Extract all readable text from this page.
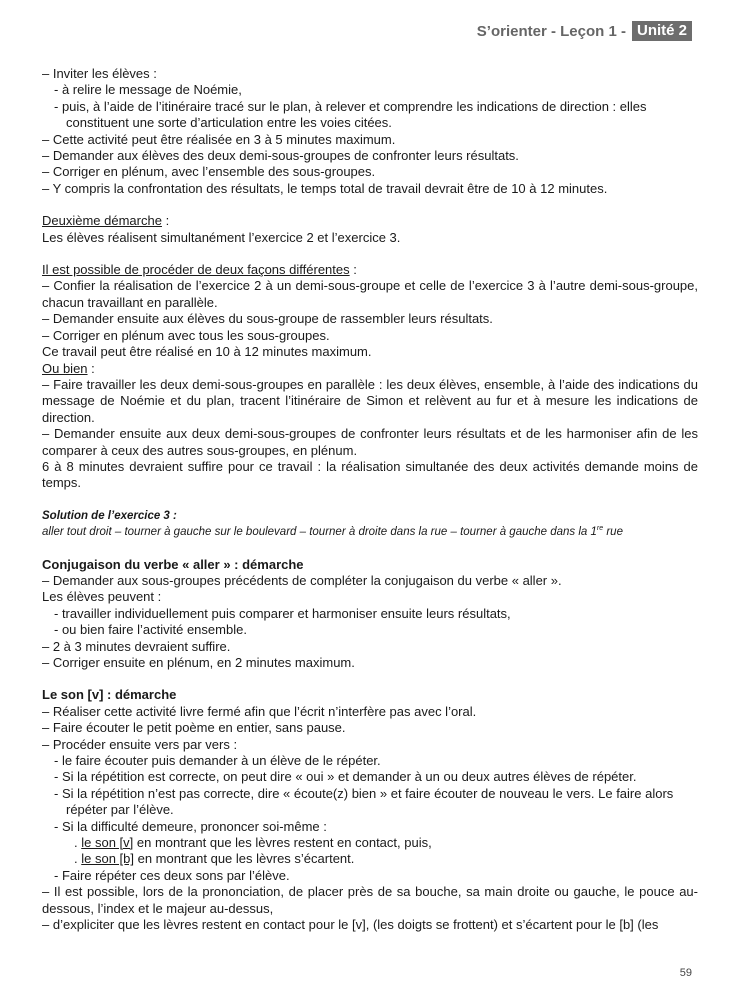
S’orienter - Leçon 1 - Unité 2

– Inviter les élèves :

- à relire le message de Noémie,

- puis, à l’aide de l’itinéraire tracé sur le plan, à relever et comprendre les indications de direction : elles

constituent une sorte d’articulation entre les voies citées.

– Cette activité peut être réalisée en 3 à 5 minutes maximum.

– Demander aux élèves des deux demi-sous-groupes de confronter leurs résultats.

– Corriger en plénum, avec l’ensemble des sous-groupes.

– Y compris la confrontation des résultats, le temps total de travail devrait être de 10 à 12 minutes.

Deuxième démarche :

Les élèves réalisent simultanément l’exercice 2 et l’exercice 3.

Il est possible de procéder de deux façons différentes :

– Confier la réalisation de l’exercice 2 à un demi-sous-groupe et celle de l’exercice 3 à l’autre demi-sous-groupe, chacun travaillant en parallèle.

– Demander ensuite aux élèves du sous-groupe de rassembler leurs résultats.

– Corriger en plénum avec tous les sous-groupes.

Ce travail peut être réalisé en 10 à 12 minutes maximum.

Ou bien :

– Faire travailler les deux demi-sous-groupes en parallèle : les deux élèves, ensemble, à l’aide des indications du message de Noémie et du plan, tracent l’itinéraire de Simon et relèvent au fur et à mesure les indications de direction.

– Demander ensuite aux deux demi-sous-groupes de confronter leurs résultats et de les harmoniser afin de les comparer à ceux des autres sous-groupes, en plénum.

6 à 8 minutes devraient suffire pour ce travail : la réalisation simultanée des deux activités demande moins de temps.

Solution de l’exercice 3 :

aller tout droit – tourner à gauche sur le boulevard – tourner à droite dans la rue – tourner à gauche dans la 1re rue

Conjugaison du verbe « aller » : démarche

– Demander aux sous-groupes précédents de compléter la conjugaison du verbe « aller ».

Les élèves peuvent :

- travailler individuellement puis comparer et harmoniser ensuite leurs résultats,

- ou bien faire l’activité ensemble.

– 2 à 3 minutes devraient suffire.

– Corriger ensuite en plénum, en 2 minutes maximum.

Le son [v] : démarche

– Réaliser cette activité livre fermé afin que l’écrit n’interfère pas avec l’oral.

– Faire écouter le petit poème en entier, sans pause.

– Procéder ensuite vers par vers :

- le faire écouter puis demander à un élève de le répéter.

- Si la répétition est correcte, on peut dire « oui » et demander à un ou deux autres élèves de répéter.

- Si la répétition n’est pas correcte, dire « écoute(z) bien » et faire écouter de nouveau le vers. Le faire alors

répéter par l’élève.

- Si la difficulté demeure, prononcer soi-même :

. le son [v] en montrant que les lèvres restent en contact, puis,

. le son [b] en montrant que les lèvres s’écartent.

- Faire répéter ces deux sons par l’élève.

– Il est possible, lors de la prononciation, de placer près de sa bouche, sa main droite ou gauche, le pouce au-dessous, l’index et le majeur au-dessus,

– d’expliciter que les lèvres restent en contact pour le [v], (les doigts se frottent) et s’écartent pour le [b] (les

59
